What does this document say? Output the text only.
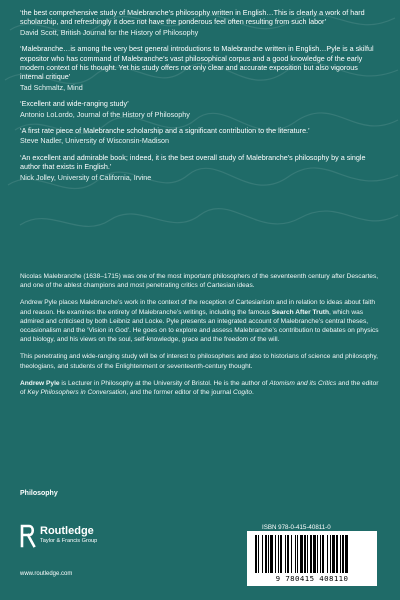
‘the best comprehensive study of Malebranche’s philosophy written in English…This is clearly a work of hard scholarship, and refreshingly it does not have the ponderous feel often resulting from such labor’

David Scott, British Journal for the History of Philosophy

‘Malebranche…is among the very best general introductions to Malebranche written in English…Pyle is a skilful expositor who has command of Malebranche’s vast philosophical corpus and a good knowledge of the early modern context of his thought. Yet his study offers not only clear and accurate exposition but also vigorous internal critique’

Tad Schmaltz, Mind

‘Excellent and wide-ranging study’

Antonio LoLordo, Journal of the History of Philosophy

‘A first rate piece of Malebranche scholarship and a significant contribution to the literature.’

Steve Nadler, University of Wisconsin-Madison

‘An excellent and admirable book; indeed, it is the best overall study of Malebranche’s philosophy by a single author that exists in English.’

Nick Jolley, University of California, Irvine

Nicolas Malebranche (1638–1715) was one of the most important philosophers of the seventeenth century after Descartes, and one of the ablest champions and most penetrating critics of Cartesian ideas.

Andrew Pyle places Malebranche’s work in the context of the reception of Cartesianism and in relation to ideas about faith and reason. He examines the entirety of Malebranche’s writings, including the famous Search After Truth, which was admired and criticised by both Leibniz and Locke. Pyle presents an integrated account of Malebranche’s central theses, occasionalism and the ‘Vision in God’. He goes on to explore and assess Malebranche’s contribution to debates on physics and biology, and his views on the soul, self-knowledge, grace and the freedom of the will.

This penetrating and wide-ranging study will be of interest to philosophers and also to historians of science and philosophy, theologians, and students of the Enlightenment or seventeenth-century thought.

Andrew Pyle is Lecturer in Philosophy at the University of Bristol. He is the author of Atomism and its Critics and the editor of Key Philosophers in Conversation, and the former editor of the journal Cogito.

Philosophy
Routledge
Taylor & Francis Group
www.routledge.com
ISBN 978-0-415-40811-0
9 780415 408110
